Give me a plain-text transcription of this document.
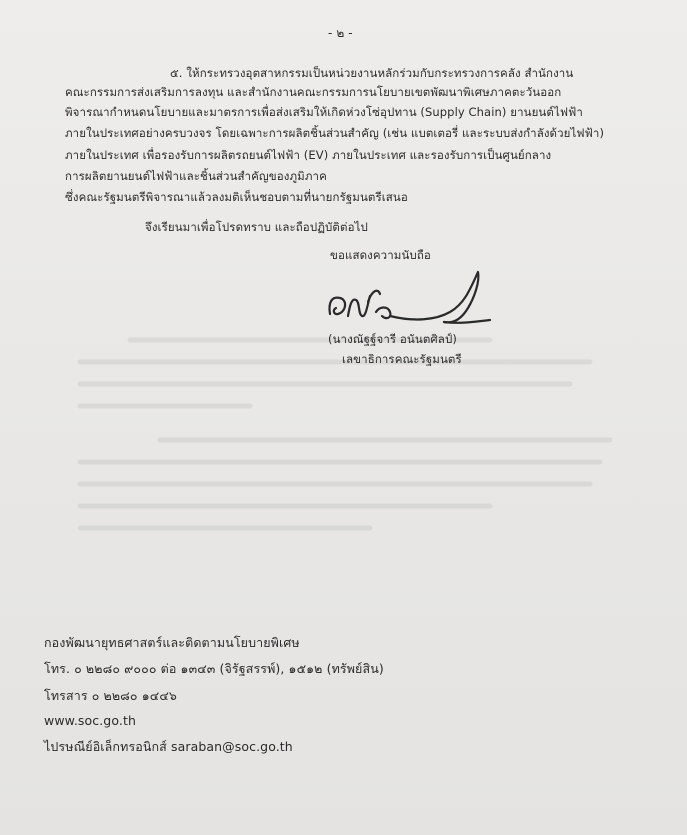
- ๒ -
๕. ให้กระทรวงอุตสาหกรรมเป็นหน่วยงานหลักร่วมกับกระทรวงการคลัง สำนักงาน
คณะกรรมการส่งเสริมการลงทุน และสำนักงานคณะกรรมการนโยบายเขตพัฒนาพิเศษภาคตะวันออก
พิจารณากำหนดนโยบายและมาตรการเพื่อส่งเสริมให้เกิดห่วงโซ่อุปทาน (Supply Chain) ยานยนต์ไฟฟ้า
ภายในประเทศอย่างครบวงจร โดยเฉพาะการผลิตชิ้นส่วนสำคัญ (เช่น แบตเตอรี่ และระบบส่งกำลังด้วยไฟฟ้า)
ภายในประเทศ เพื่อรองรับการผลิตรถยนต์ไฟฟ้า (EV) ภายในประเทศ และรองรับการเป็นศูนย์กลาง
การผลิตยานยนต์ไฟฟ้าและชิ้นส่วนสำคัญของภูมิภาค
ซึ่งคณะรัฐมนตรีพิจารณาแล้วลงมติเห็นชอบตามที่นายกรัฐมนตรีเสนอ
จึงเรียนมาเพื่อโปรดทราบ และถือปฏิบัติต่อไป
ขอแสดงความนับถือ
(นางณัฐฐ์จารี อนันตศิลป์)
เลขาธิการคณะรัฐมนตรี
กองพัฒนายุทธศาสตร์และติดตามนโยบายพิเศษ
โทร. ๐ ๒๒๘๐ ๙๐๐๐ ต่อ ๑๓๔๓ (จิรัฐสรรพ์), ๑๕๑๒ (ทรัพย์สิน)
โทรสาร ๐ ๒๒๘๐ ๑๔๔๖
www.soc.go.th
ไปรษณีย์อิเล็กทรอนิกส์ saraban@soc.go.th
